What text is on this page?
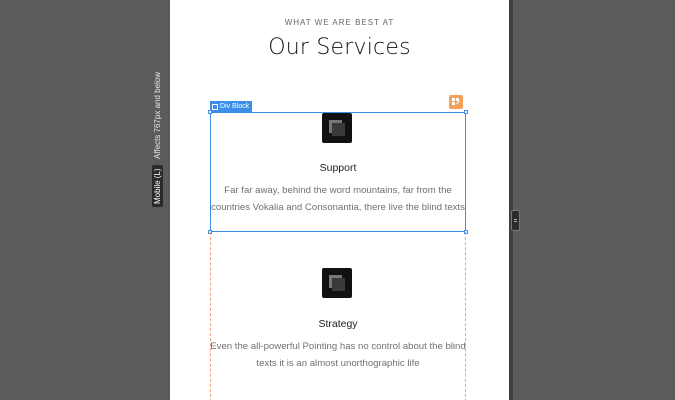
Affects 767px and below
Mobile (L)
WHAT WE ARE BEST AT
Our Services
Div Block
Support
Far far away, behind the word mountains, far from the countries Vokalia and Consonantia, there live the blind texts
Strategy
Even the all-powerful Pointing has no control about the blind texts it is an almost unorthographic life
